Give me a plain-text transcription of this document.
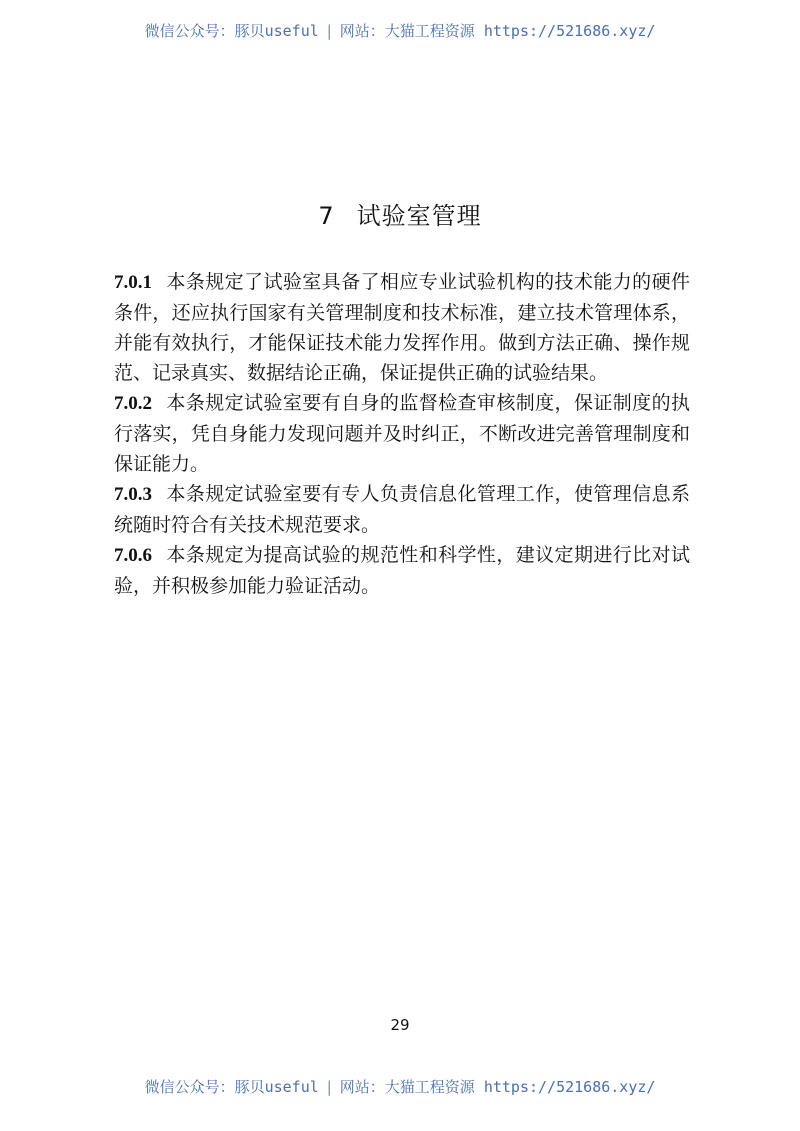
微信公众号：豚贝useful | 网站：大猫工程资源 https://521686.xyz/
7 试验室管理

7.0.1 本条规定了试验室具备了相应专业试验机构的技术能力的硬件条件，还应执行国家有关管理制度和技术标准，建立技术管理体系，并能有效执行，才能保证技术能力发挥作用。做到方法正确、操作规范、记录真实、数据结论正确，保证提供正确的试验结果。

7.0.2 本条规定试验室要有自身的监督检查审核制度，保证制度的执行落实，凭自身能力发现问题并及时纠正，不断改进完善管理制度和保证能力。

7.0.3 本条规定试验室要有专人负责信息化管理工作，使管理信息系统随时符合有关技术规范要求。

7.0.6 本条规定为提高试验的规范性和科学性，建议定期进行比对试验，并积极参加能力验证活动。

29
微信公众号：豚贝useful | 网站：大猫工程资源 https://521686.xyz/
